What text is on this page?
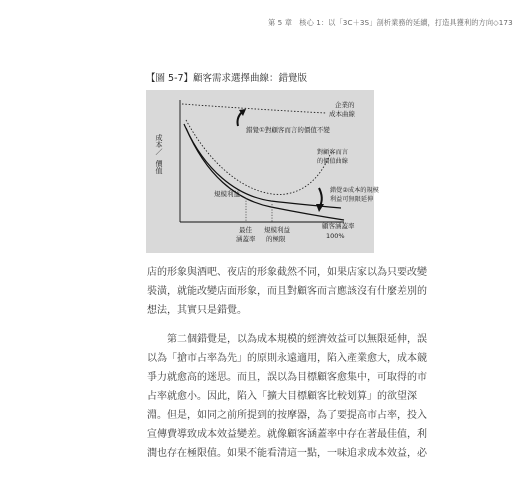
第 5 章　核心 1：以「3C＋3S」剖析業務的延續，打造具獲利的方向◇173
【圖 5-7】顧客需求選擇曲線：錯覺版
成本／
價值
企業的
成本曲線
錯覺①對顧客而言的價值不變
對顧客而言
的價值曲線
錯覺②成本的規模
利益可無限延伸
規模利益
最佳
涵蓋率
規模利益
的極限
顧客涵蓋率
100%

店的形象與酒吧、夜店的形象截然不同，如果店家以為只要改變
裝潢，就能改變店面形象，而且對顧客而言應該沒有什麼差別的
想法，其實只是錯覺。

第二個錯覺是，以為成本規模的經濟效益可以無限延伸，誤
以為「搶市占率為先」的原則永遠適用，陷入產業愈大，成本競
爭力就愈高的迷思。而且，誤以為目標顧客愈集中，可取得的市
占率就愈小。因此，陷入「擴大目標顧客比較划算」的欲望深
淵。但是，如同之前所提到的按摩器，為了要提高市占率，投入
宣傳費導致成本效益變差。就像顧客涵蓋率中存在著最佳值，利
潤也存在極限值。如果不能看清這一點，一味追求成本效益，必
